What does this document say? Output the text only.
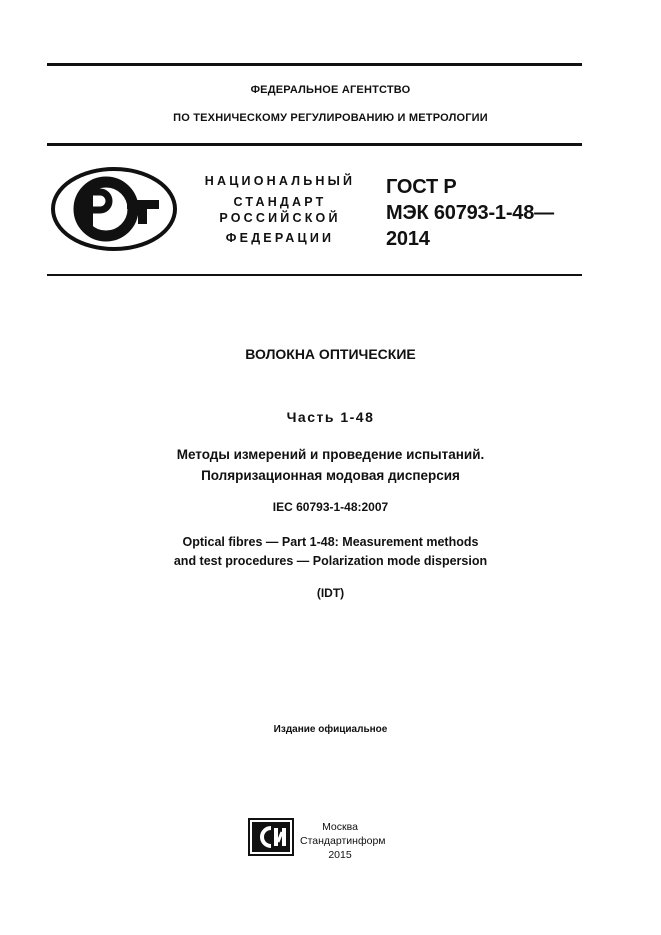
ФЕДЕРАЛЬНОЕ АГЕНТСТВО
ПО ТЕХНИЧЕСКОМУ РЕГУЛИРОВАНИЮ И МЕТРОЛОГИИ
НАЦИОНАЛЬНЫЙ
СТАНДАРТ
РОССИЙСКОЙ
ФЕДЕРАЦИИ
ГОСТ Р
МЭК 60793-1-48—
2014
ВОЛОКНА ОПТИЧЕСКИЕ
Часть 1-48
Методы измерений и проведение испытаний.
Поляризационная модовая дисперсия
IEC 60793-1-48:2007
Optical fibres — Part 1-48: Measurement methods
and test procedures — Polarization mode dispersion
(IDT)
Издание официальное
Москва
Стандартинформ
2015
